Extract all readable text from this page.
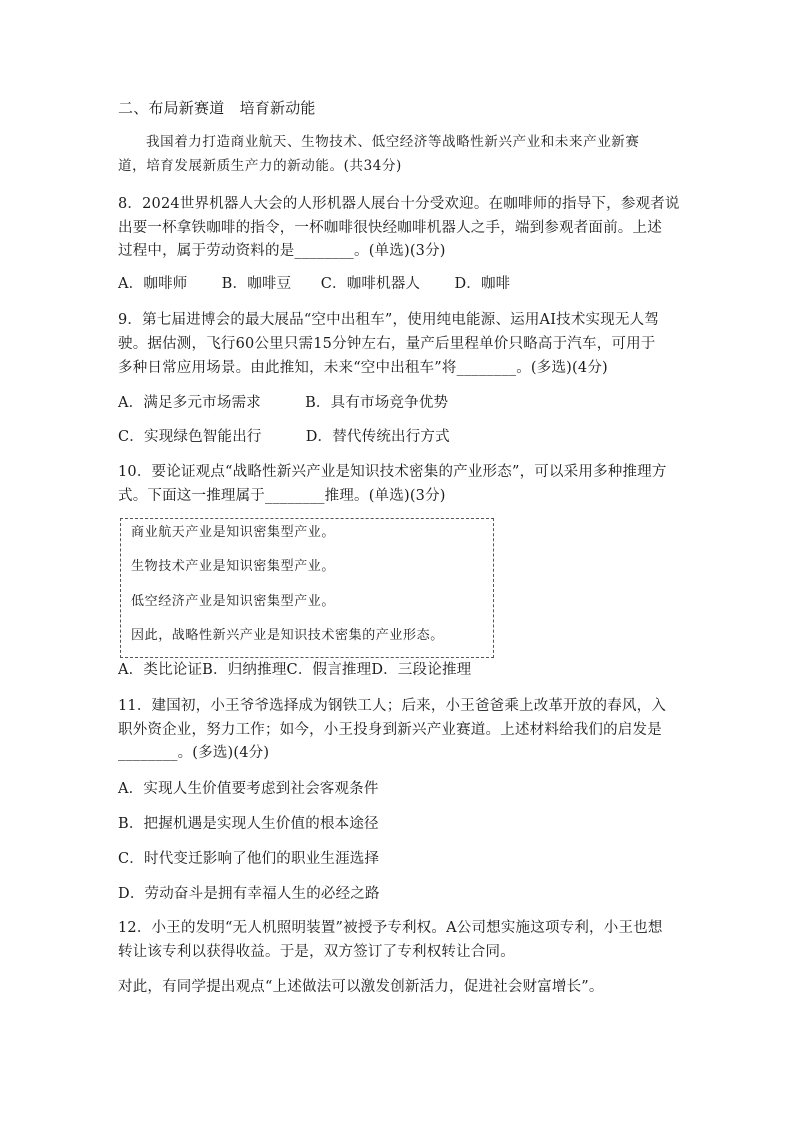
二、布局新赛道　培育新动能
我国着力打造商业航天、生物技术、低空经济等战略性新兴产业和未来产业新赛
道，培育发展新质生产力的新动能。(共34分)
8．2024世界机器人大会的人形机器人展台十分受欢迎。在咖啡师的指导下，参观者说
出要一杯拿铁咖啡的指令，一杯咖啡很快经咖啡机器人之手，端到参观者面前。上述
过程中，属于劳动资料的是________。(单选)(3分)
A．咖啡师　　 B．咖啡豆　　C．咖啡机器人　　 D．咖啡
9．第七届进博会的最大展品“空中出租车”，使用纯电能源、运用AI技术实现无人驾
驶。据估测，飞行60公里只需15分钟左右，量产后里程单价只略高于汽车，可用于
多种日常应用场景。由此推知，未来“空中出租车”将________。(多选)(4分)
A．满足多元市场需求　　　B．具有市场竞争优势
C．实现绿色智能出行　　　D．替代传统出行方式
10．要论证观点“战略性新兴产业是知识技术密集的产业形态”，可以采用多种推理方
式。下面这一推理属于________推理。(单选)(3分)
商业航天产业是知识密集型产业。
生物技术产业是知识密集型产业。
低空经济产业是知识密集型产业。
因此，战略性新兴产业是知识技术密集的产业形态。
A．类比论证B．归纳推理C．假言推理D．三段论推理
11．建国初，小王爷爷选择成为钢铁工人；后来，小王爸爸乘上改革开放的春风，入
职外资企业，努力工作；如今，小王投身到新兴产业赛道。上述材料给我们的启发是
________。(多选)(4分)
A．实现人生价值要考虑到社会客观条件
B．把握机遇是实现人生价值的根本途径
C．时代变迁影响了他们的职业生涯选择
D．劳动奋斗是拥有幸福人生的必经之路
12．小王的发明“无人机照明装置”被授予专利权。A公司想实施这项专利，小王也想
转让该专利以获得收益。于是，双方签订了专利权转让合同。
对此，有同学提出观点“上述做法可以激发创新活力，促进社会财富增长”。
